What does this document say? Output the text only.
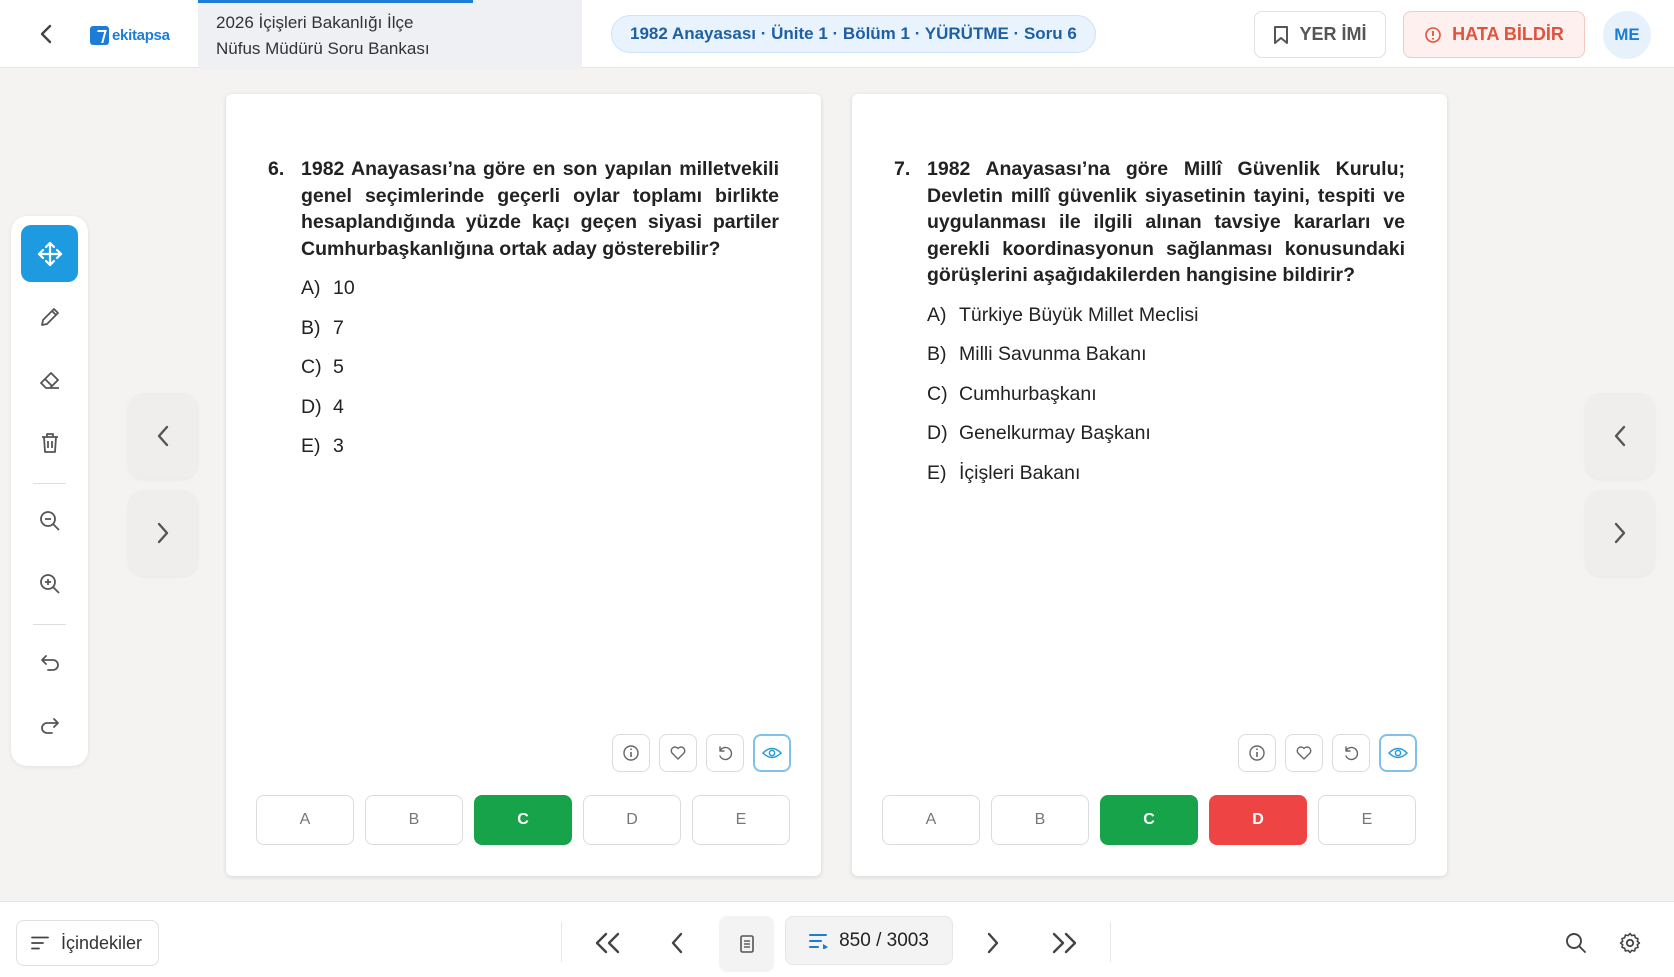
ekitapsa
2026 İçişleri Bakanlığı İlçe
Nüfus Müdürü Soru Bankası
1982 Anayasası · Ünite 1 · Bölüm 1 · YÜRÜTME · Soru 6	YER İMİ	HATA BİLDİR	ME
6. 1982 Anayasası’na göre en son yapılan milletvekili genel seçimlerinde geçerli oylar toplamı birlikte hesaplandığında yüzde kaçı geçen siyasi partiler Cumhurbaşkanlığına ortak aday gösterebilir?
A) 10
B) 7
C) 5
D) 4
E) 3
A	B	C	D	E
7. 1982 Anayasası’na göre Millî Güvenlik Kurulu; Devletin millî güvenlik siyasetinin tayini, tespiti ve uygulanması ile ilgili alınan tavsiye kararları ve gerekli koordinasyonun sağlanması konusundaki görüşlerini aşağıdakilerden hangisine bildirir?
A) Türkiye Büyük Millet Meclisi
B) Milli Savunma Bakanı
C) Cumhurbaşkanı
D) Genelkurmay Başkanı
E) İçişleri Bakanı
A	B	C	D	E
İçindekiler	850 / 3003
